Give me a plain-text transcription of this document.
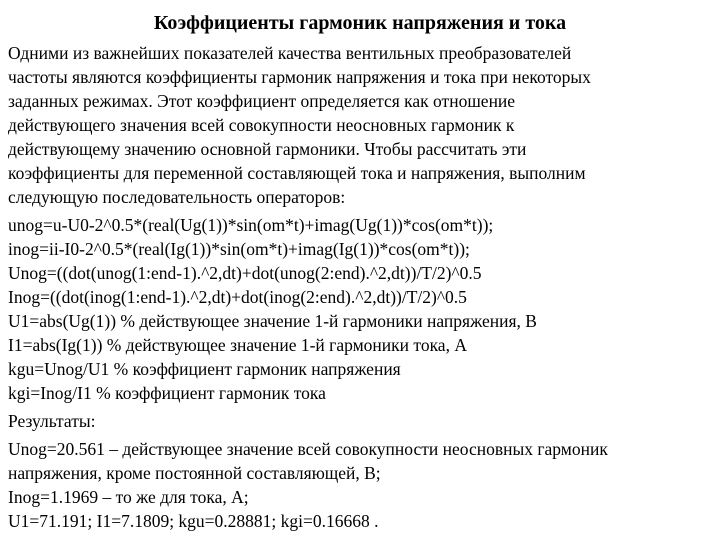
Коэффициенты гармоник напряжения и тока
Одними из важнейших показателей качества вентильных преобразователей
частоты являются коэффициенты гармоник напряжения и тока при некоторых
заданных режимах. Этот коэффициент определяется как отношение
действующего значения всей совокупности неосновных гармоник к
действующему значению основной гармоники. Чтобы рассчитать эти
коэффициенты для переменной составляющей тока и напряжения, выполним
следующую последовательность операторов:
unog=u-U0-2^0.5*(real(Ug(1))*sin(om*t)+imag(Ug(1))*cos(om*t));
inog=ii-I0-2^0.5*(real(Ig(1))*sin(om*t)+imag(Ig(1))*cos(om*t));
Unog=((dot(unog(1:end-1).^2,dt)+dot(unog(2:end).^2,dt))/T/2)^0.5
Inog=((dot(inog(1:end-1).^2,dt)+dot(inog(2:end).^2,dt))/T/2)^0.5
U1=abs(Ug(1)) % действующее значение 1-й гармоники напряжения, В
I1=abs(Ig(1)) % действующее значение 1-й гармоники тока, А
kgu=Unog/U1 % коэффициент гармоник напряжения
kgi=Inog/I1 % коэффициент гармоник тока
Результаты:
Unog=20.561 – действующее значение всей совокупности неосновных гармоник
напряжения, кроме постоянной составляющей, В;
Inog=1.1969 – то же для тока, А;
U1=71.191; I1=7.1809; kgu=0.28881; kgi=0.16668 .
